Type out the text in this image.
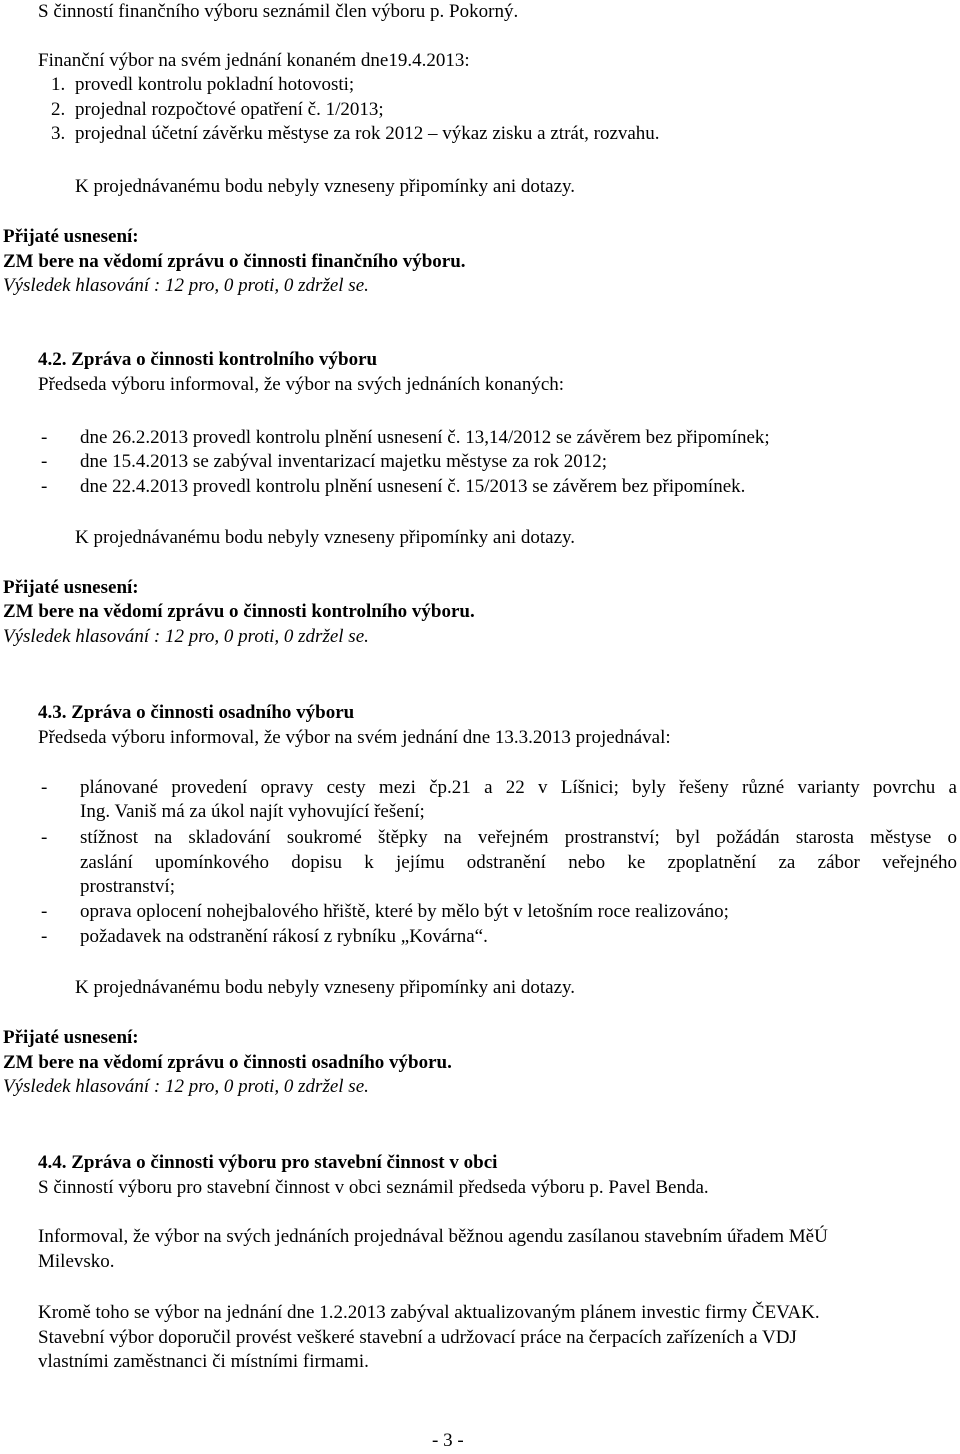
S činností finančního výboru seznámil člen výboru p. Pokorný.
Finanční výbor na svém jednání konaném dne19.4.2013:
1. provedl kontrolu pokladní hotovosti;
2. projednal rozpočtové opatření č. 1/2013;
3. projednal účetní závěrku městyse za rok 2012 – výkaz zisku a ztrát, rozvahu.
K projednávanému bodu nebyly vzneseny připomínky ani dotazy.
Přijaté usnesení:
ZM bere na vědomí zprávu o činnosti finančního výboru.
Výsledek hlasování : 12 pro, 0 proti, 0 zdržel se.
4.2. Zpráva o činnosti kontrolního výboru
Předseda výboru informoval, že výbor na svých jednáních konaných:
- dne 26.2.2013 provedl kontrolu plnění usnesení č. 13,14/2012 se závěrem bez připomínek;
- dne 15.4.2013 se zabýval inventarizací majetku městyse za rok 2012;
- dne 22.4.2013 provedl kontrolu plnění usnesení č. 15/2013 se závěrem bez připomínek.
K projednávanému bodu nebyly vzneseny připomínky ani dotazy.
Přijaté usnesení:
ZM bere na vědomí zprávu o činnosti kontrolního výboru.
Výsledek hlasování : 12 pro, 0 proti, 0 zdržel se.
4.3. Zpráva o činnosti osadního výboru
Předseda výboru informoval, že výbor na svém jednání dne 13.3.2013 projednával:
- plánované provedení opravy cesty mezi čp.21 a 22 v Líšnici; byly řešeny různé varianty povrchu a
Ing. Vaniš má za úkol najít vyhovující řešení;
- stížnost na skladování soukromé štěpky na veřejném prostranství; byl požádán starosta městyse o
zaslání upomínkového dopisu k jejímu odstranění nebo ke zpoplatnění za zábor veřejného
prostranství;
- oprava oplocení nohejbalového hřiště, které by mělo být v letošním roce realizováno;
- požadavek na odstranění rákosí z rybníku „Kovárna“.
K projednávanému bodu nebyly vzneseny připomínky ani dotazy.
Přijaté usnesení:
ZM bere na vědomí zprávu o činnosti osadního výboru.
Výsledek hlasování : 12 pro, 0 proti, 0 zdržel se.
4.4. Zpráva o činnosti výboru pro stavební činnost v obci
S činností výboru pro stavební činnost v obci seznámil předseda výboru p. Pavel Benda.
Informoval, že výbor na svých jednáních projednával běžnou agendu zasílanou stavebním úřadem MěÚ
Milevsko.
Kromě toho se výbor na jednání dne 1.2.2013 zabýval aktualizovaným plánem investic firmy ČEVAK.
Stavební výbor doporučil provést veškeré stavební a udržovací práce na čerpacích zařízeních a VDJ
vlastními zaměstnanci či místními firmami.
- 3 -
